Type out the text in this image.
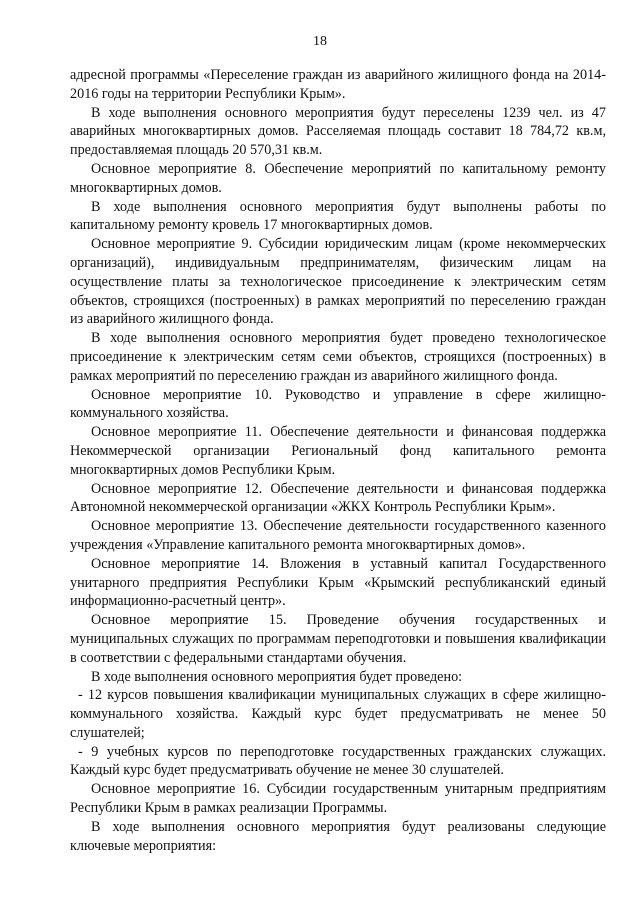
18

адресной программы «Переселение граждан из аварийного жилищного фонда на 2014-2016 годы на территории Республики Крым».

В ходе выполнения основного мероприятия будут переселены 1239 чел. из 47 аварийных многоквартирных домов. Расселяемая площадь составит 18 784,72 кв.м, предоставляемая площадь 20 570,31 кв.м.

Основное мероприятие 8. Обеспечение мероприятий по капитальному ремонту многоквартирных домов.

В ходе выполнения основного мероприятия будут выполнены работы по капитальному ремонту кровель 17 многоквартирных домов.

Основное мероприятие 9. Субсидии юридическим лицам (кроме некоммерческих организаций), индивидуальным предпринимателям, физическим лицам на осуществление платы за технологическое присоединение к электрическим сетям объектов, строящихся (построенных) в рамках мероприятий по переселению граждан из аварийного жилищного фонда.

В ходе выполнения основного мероприятия будет проведено технологическое присоединение к электрическим сетям семи объектов, строящихся (построенных) в рамках мероприятий по переселению граждан из аварийного жилищного фонда.

Основное мероприятие 10. Руководство и управление в сфере жилищно-коммунального хозяйства.

Основное мероприятие 11. Обеспечение деятельности и финансовая поддержка Некоммерческой организации Региональный фонд капитального ремонта многоквартирных домов Республики Крым.

Основное мероприятие 12. Обеспечение деятельности и финансовая поддержка Автономной некоммерческой организации «ЖКХ Контроль Республики Крым».

Основное мероприятие 13. Обеспечение деятельности государственного казенного учреждения «Управление капитального ремонта многоквартирных домов».

Основное мероприятие 14. Вложения в уставный капитал Государственного унитарного предприятия Республики Крым «Крымский республиканский единый информационно-расчетный центр».

Основное мероприятие 15. Проведение обучения государственных и муниципальных служащих по программам переподготовки и повышения квалификации в соответствии с федеральными стандартами обучения.

В ходе выполнения основного мероприятия будет проведено:

- 12 курсов повышения квалификации муниципальных служащих в сфере жилищно-коммунального хозяйства. Каждый курс будет предусматривать не менее 50 слушателей;

- 9 учебных курсов по переподготовке государственных гражданских служащих. Каждый курс будет предусматривать обучение не менее 30 слушателей.

Основное мероприятие 16. Субсидии государственным унитарным предприятиям Республики Крым в рамках реализации Программы.

В ходе выполнения основного мероприятия будут реализованы следующие ключевые мероприятия:
